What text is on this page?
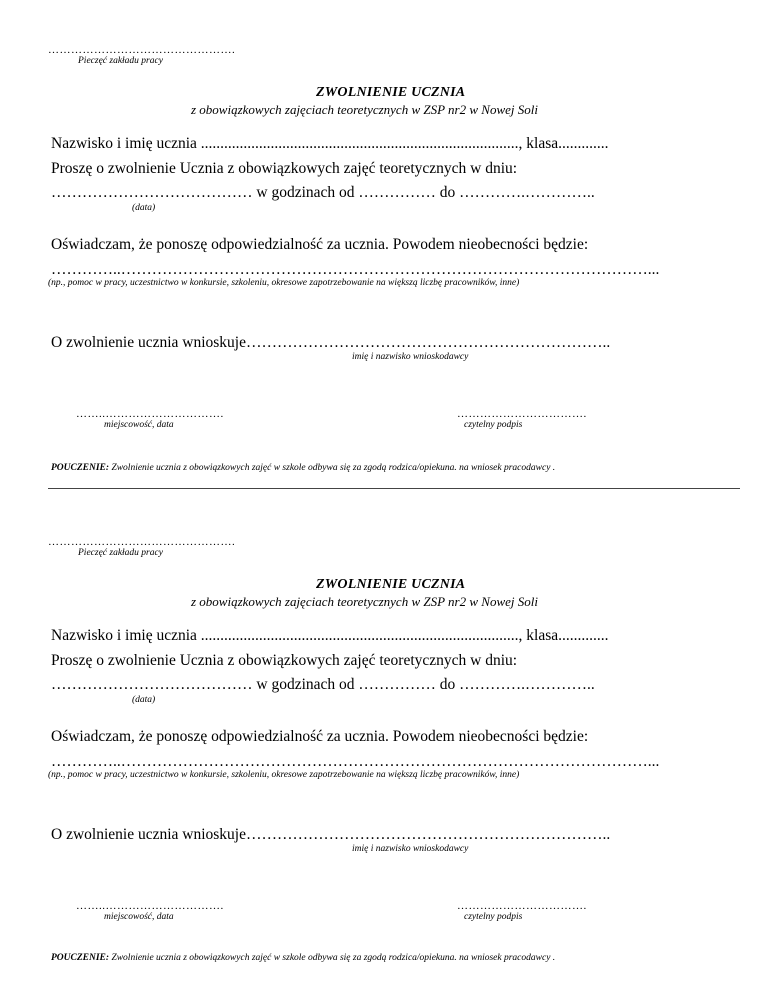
………………………………………….
Pieczęć zakładu pracy
ZWOLNIENIE UCZNIA
z obowiązkowych zajęciach teoretycznych w ZSP nr2 w Nowej Soli
Nazwisko i imię ucznia .................................................................................., klasa.............
Proszę o zwolnienie Ucznia z obowiązkowych zajęć teoretycznych w dniu:
………………………………… w godzinach od …………… do ………….…………..
(data)
Oświadczam, że ponoszę odpowiedzialność za ucznia. Powodem nieobecności będzie:
…………..…………………………………………………………………………………………...
(np., pomoc w pracy, uczestnictwo w konkursie, szkoleniu, okresowe zapotrzebowanie na większą liczbę pracowników, inne)
O zwolnienie ucznia wnioskuje……………………………………………………………..
imię i nazwisko wnioskodawcy
……..………………………….
miejscowość, data
…………………………….
czytelny podpis
POUCZENIE: Zwolnienie ucznia z obowiązkowych zajęć w szkole odbywa się za zgodą rodzica/opiekuna. na wniosek pracodawcy .
………………………………………….
Pieczęć zakładu pracy
ZWOLNIENIE UCZNIA
z obowiązkowych zajęciach teoretycznych w ZSP nr2 w Nowej Soli
Nazwisko i imię ucznia .................................................................................., klasa.............
Proszę o zwolnienie Ucznia z obowiązkowych zajęć teoretycznych w dniu:
………………………………… w godzinach od …………… do ………….…………..
(data)
Oświadczam, że ponoszę odpowiedzialność za ucznia. Powodem nieobecności będzie:
…………..…………………………………………………………………………………………...
(np., pomoc w pracy, uczestnictwo w konkursie, szkoleniu, okresowe zapotrzebowanie na większą liczbę pracowników, inne)
O zwolnienie ucznia wnioskuje……………………………………………………………..
imię i nazwisko wnioskodawcy
……..………………………….
miejscowość, data
…………………………….
czytelny podpis
POUCZENIE: Zwolnienie ucznia z obowiązkowych zajęć w szkole odbywa się za zgodą rodzica/opiekuna. na wniosek pracodawcy .
